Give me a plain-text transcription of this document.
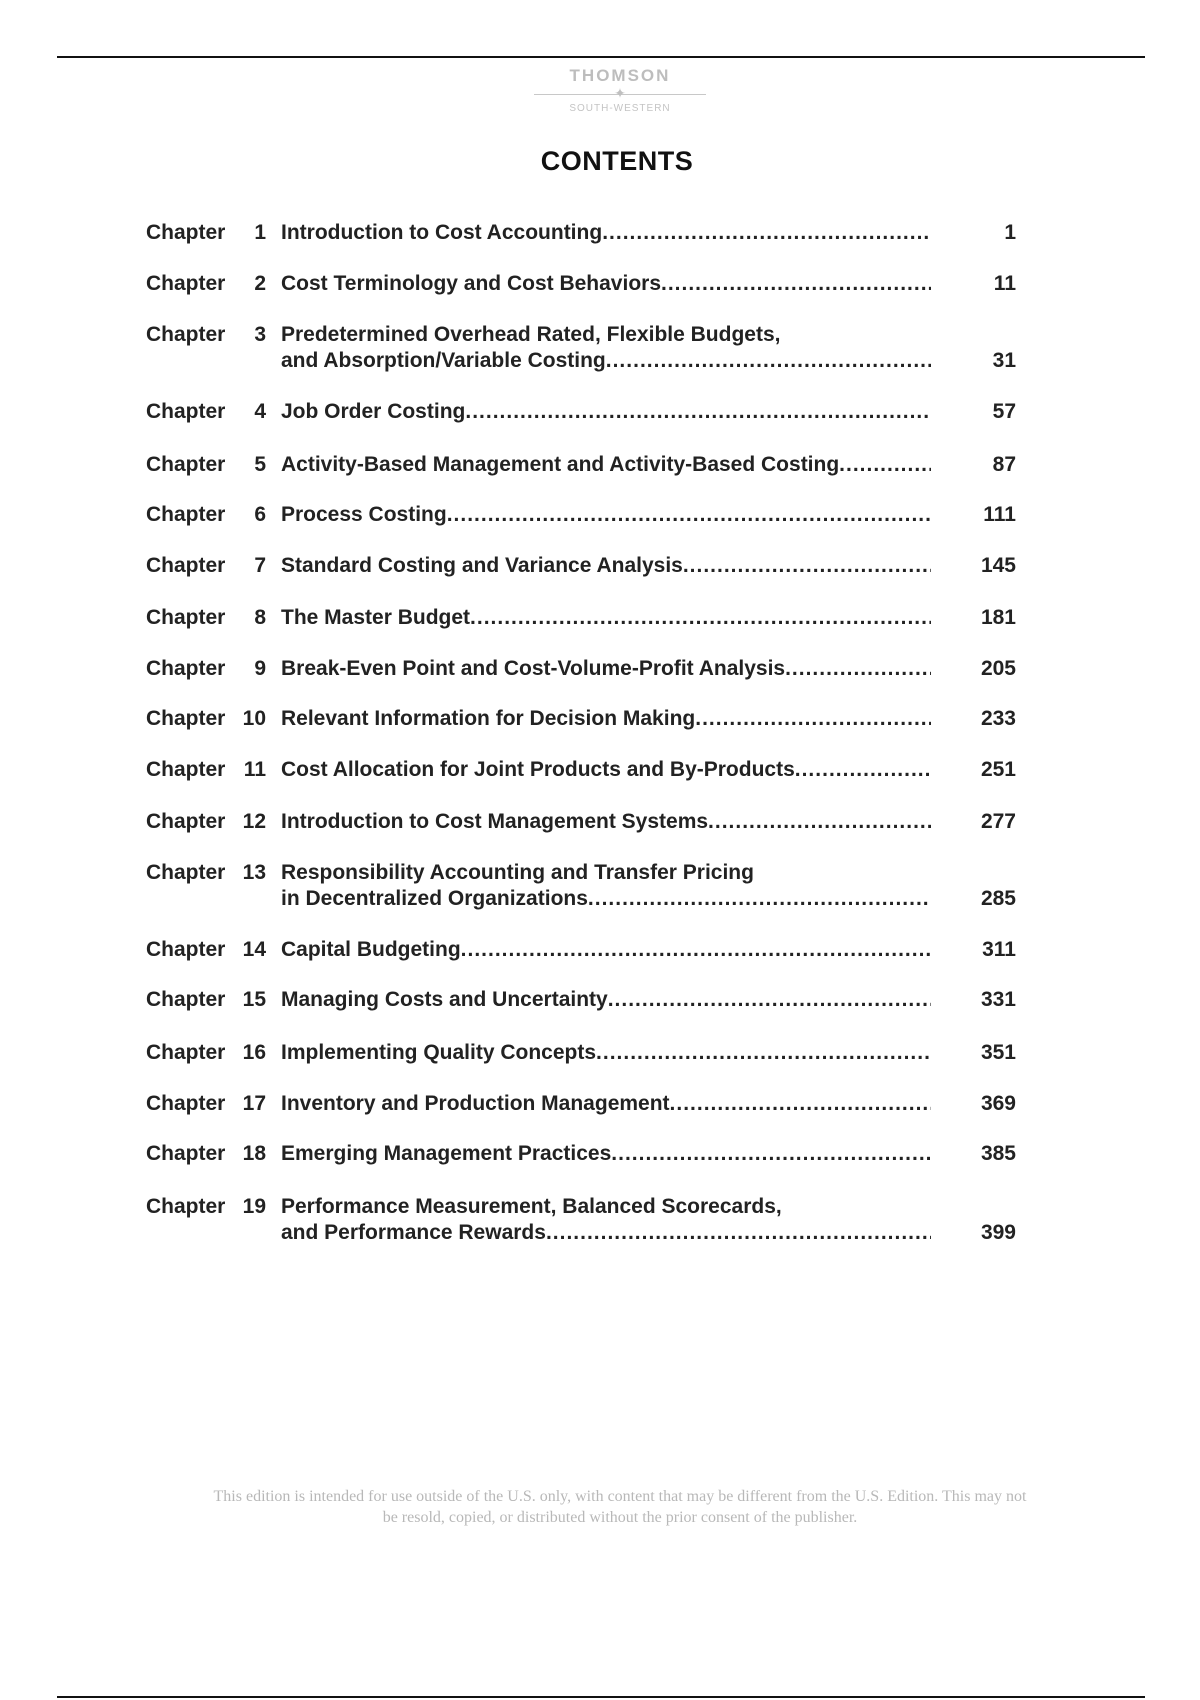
THOMSON
✦
SOUTH-WESTERN
CONTENTS
Chapter 1 Introduction to Cost Accounting .....	1
Chapter 2 Cost Terminology and Cost Behaviors .....	11
Chapter 3 Predetermined Overhead Rated, Flexible Budgets,
and Absorption/Variable Costing .....	31
Chapter 4 Job Order Costing .....	57
Chapter 5 Activity-Based Management and Activity-Based Costing .....	87
Chapter 6 Process Costing .....	111
Chapter 7 Standard Costing and Variance Analysis .....	145
Chapter 8 The Master Budget .....	181
Chapter 9 Break-Even Point and Cost-Volume-Profit Analysis .....	205
Chapter 10 Relevant Information for Decision Making .....	233
Chapter 11 Cost Allocation for Joint Products and By-Products .....	251
Chapter 12 Introduction to Cost Management Systems .....	277
Chapter 13 Responsibility Accounting and Transfer Pricing
in Decentralized Organizations .....	285
Chapter 14 Capital Budgeting .....	311
Chapter 15 Managing Costs and Uncertainty .....	331
Chapter 16 Implementing Quality Concepts .....	351
Chapter 17 Inventory and Production Management .....	369
Chapter 18 Emerging Management Practices .....	385
Chapter 19 Performance Measurement, Balanced Scorecards,
and Performance Rewards .....	399
This edition is intended for use outside of the U.S. only, with content that may be different from the U.S. Edition. This may not
be resold, copied, or distributed without the prior consent of the publisher.
